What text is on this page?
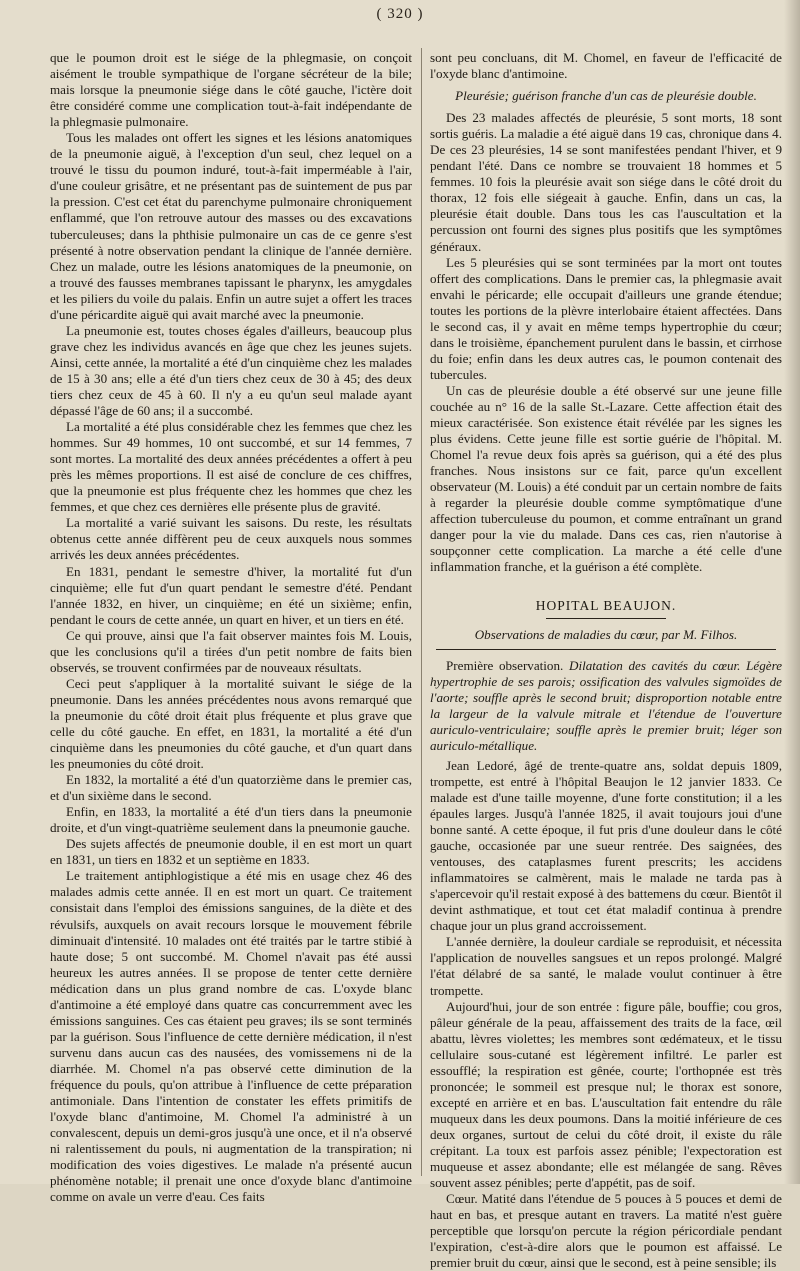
( 320 )

que le poumon droit est le siége de la phlegmasie, on conçoit aisément le trouble sympathique de l'organe sécréteur de la bile; mais lorsque la pneumonie siége dans le côté gauche, l'ictère doit être considéré comme une complication tout-à-fait indépendante de la phlegmasie pulmonaire.

Tous les malades ont offert les signes et les lésions anatomiques de la pneumonie aiguë, à l'exception d'un seul, chez lequel on a trouvé le tissu du poumon induré, tout-à-fait imperméable à l'air, d'une couleur grisâtre, et ne présentant pas de suintement de pus par la pression. C'est cet état du parenchyme pulmonaire chroniquement enflammé, que l'on retrouve autour des masses ou des excavations tuberculeuses; dans la phthisie pulmonaire un cas de ce genre s'est présenté à notre observation pendant la clinique de l'année dernière. Chez un malade, outre les lésions anatomiques de la pneumonie, on a trouvé des fausses membranes tapissant le pharynx, les amygdales et les piliers du voile du palais. Enfin un autre sujet a offert les traces d'une péricardite aiguë qui avait marché avec la pneumonie.

La pneumonie est, toutes choses égales d'ailleurs, beaucoup plus grave chez les individus avancés en âge que chez les jeunes sujets. Ainsi, cette année, la mortalité a été d'un cinquième chez les malades de 15 à 30 ans; elle a été d'un tiers chez ceux de 30 à 45; des deux tiers chez ceux de 45 à 60. Il n'y a eu qu'un seul malade ayant dépassé l'âge de 60 ans; il a succombé.

La mortalité a été plus considérable chez les femmes que chez les hommes. Sur 49 hommes, 10 ont succombé, et sur 14 femmes, 7 sont mortes. La mortalité des deux années précédentes a offert à peu près les mêmes proportions. Il est aisé de conclure de ces chiffres, que la pneumonie est plus fréquente chez les hommes que chez les femmes, et que chez ces dernières elle présente plus de gravité.

La mortalité a varié suivant les saisons. Du reste, les résultats obtenus cette année diffèrent peu de ceux auxquels nous sommes arrivés les deux années précédentes.

En 1831, pendant le semestre d'hiver, la mortalité fut d'un cinquième; elle fut d'un quart pendant le semestre d'été. Pendant l'année 1832, en hiver, un cinquième; en été un sixième; enfin, pendant le cours de cette année, un quart en hiver, et un tiers en été.

Ce qui prouve, ainsi que l'a fait observer maintes fois M. Louis, que les conclusions qu'il a tirées d'un petit nombre de faits bien observés, se trouvent confirmées par de nouveaux résultats.

Ceci peut s'appliquer à la mortalité suivant le siége de la pneumonie. Dans les années précédentes nous avons remarqué que la pneumonie du côté droit était plus fréquente et plus grave que celle du côté gauche. En effet, en 1831, la mortalité a été d'un cinquième dans les pneumonies du côté gauche, et d'un quart dans les pneumonies du côté droit.

En 1832, la mortalité a été d'un quatorzième dans le premier cas, et d'un sixième dans le second.

Enfin, en 1833, la mortalité a été d'un tiers dans la pneumonie droite, et d'un vingt-quatrième seulement dans la pneumonie gauche.

Des sujets affectés de pneumonie double, il en est mort un quart en 1831, un tiers en 1832 et un septième en 1833.

Le traitement antiphlogistique a été mis en usage chez 46 des malades admis cette année. Il en est mort un quart. Ce traitement consistait dans l'emploi des émissions sanguines, de la diète et des révulsifs, auxquels on avait recours lorsque le mouvement fébrile diminuait d'intensité. 10 malades ont été traités par le tartre stibié à haute dose; 5 ont succombé. M. Chomel n'avait pas été aussi heureux les autres années. Il se propose de tenter cette dernière médication dans un plus grand nombre de cas. L'oxyde blanc d'antimoine a été employé dans quatre cas concurremment avec les émissions sanguines. Ces cas étaient peu graves; ils se sont terminés par la guérison. Sous l'influence de cette dernière médication, il n'est survenu dans aucun cas des nausées, des vomissemens ni de la diarrhée. M. Chomel n'a pas observé cette diminution de la fréquence du pouls, qu'on attribue à l'influence de cette préparation antimoniale. Dans l'intention de constater les effets primitifs de l'oxyde blanc d'antimoine, M. Chomel l'a administré à un convalescent, depuis un demi-gros jusqu'à une once, et il n'a observé ni ralentissement du pouls, ni augmentation de la transpiration; ni modification des voies digestives. Le malade n'a présenté aucun phénomène notable; il prenait une once d'oxyde blanc d'antimoine comme on avale un verre d'eau. Ces faits

sont peu concluans, dit M. Chomel, en faveur de l'efficacité de l'oxyde blanc d'antimoine.

Pleurésie; guérison franche d'un cas de pleurésie double.

Des 23 malades affectés de pleurésie, 5 sont morts, 18 sont sortis guéris. La maladie a été aiguë dans 19 cas, chronique dans 4. De ces 23 pleurésies, 14 se sont manifestées pendant l'hiver, et 9 pendant l'été. Dans ce nombre se trouvaient 18 hommes et 5 femmes. 10 fois la pleurésie avait son siége dans le côté droit du thorax, 12 fois elle siégeait à gauche. Enfin, dans un cas, la pleurésie était double. Dans tous les cas l'auscultation et la percussion ont fourni des signes plus positifs que les symptômes généraux.

Les 5 pleurésies qui se sont terminées par la mort ont toutes offert des complications. Dans le premier cas, la phlegmasie avait envahi le péricarde; elle occupait d'ailleurs une grande étendue; toutes les portions de la plèvre interlobaire étaient affectées. Dans le second cas, il y avait en même temps hypertrophie du cœur; dans le troisième, épanchement purulent dans le bassin, et cirrhose du foie; enfin dans les deux autres cas, le poumon contenait des tubercules.

Un cas de pleurésie double a été observé sur une jeune fille couchée au n° 16 de la salle St.-Lazare. Cette affection était des mieux caractérisée. Son existence était révélée par les signes les plus évidens. Cette jeune fille est sortie guérie de l'hôpital. M. Chomel l'a revue deux fois après sa guérison, qui a été des plus franches. Nous insistons sur ce fait, parce qu'un excellent observateur (M. Louis) a été conduit par un certain nombre de faits à regarder la pleurésie double comme symptômatique d'une affection tuberculeuse du poumon, et comme entraînant un grand danger pour la vie du malade. Dans ces cas, rien n'autorise à soupçonner cette complication. La marche a été celle d'une inflammation franche, et la guérison a été complète.

HOPITAL BEAUJON.

Observations de maladies du cœur, par M. Filhos.

Première observation. Dilatation des cavités du cœur. Légère hypertrophie de ses parois; ossification des valvules sigmoïdes de l'aorte; souffle après le second bruit; disproportion notable entre la largeur de la valvule mitrale et l'étendue de l'ouverture auriculo-ventriculaire; souffle après le premier bruit; léger son auriculo-métallique.

Jean Ledoré, âgé de trente-quatre ans, soldat depuis 1809, trompette, est entré à l'hôpital Beaujon le 12 janvier 1833. Ce malade est d'une taille moyenne, d'une forte constitution; il a les épaules larges. Jusqu'à l'année 1825, il avait toujours joui d'une bonne santé. A cette époque, il fut pris d'une douleur dans le côté gauche, occasionée par une sueur rentrée. Des saignées, des ventouses, des cataplasmes furent prescrits; les accidens inflammatoires se calmèrent, mais le malade ne tarda pas à s'apercevoir qu'il restait exposé à des battemens du cœur. Bientôt il devint asthmatique, et tout cet état maladif continua à prendre chaque jour un plus grand accroissement.

L'année dernière, la douleur cardiale se reproduisit, et nécessita l'application de nouvelles sangsues et un repos prolongé. Malgré l'état délabré de sa santé, le malade voulut continuer à être trompette.

Aujourd'hui, jour de son entrée : figure pâle, bouffie; cou gros, pâleur générale de la peau, affaissement des traits de la face, œil abattu, lèvres violettes; les membres sont œdémateux, et le tissu cellulaire sous-cutané est légèrement infiltré. Le parler est essoufflé; la respiration est gênée, courte; l'orthopnée est très prononcée; le sommeil est presque nul; le thorax est sonore, excepté en arrière et en bas. L'auscultation fait entendre du râle muqueux dans les deux poumons. Dans la moitié inférieure de ces deux organes, surtout de celui du côté droit, il existe du râle crépitant. La toux est parfois assez pénible; l'expectoration est muqueuse et assez abondante; elle est mélangée de sang. Rêves souvent assez pénibles; perte d'appétit, pas de soif.

Cœur. Matité dans l'étendue de 5 pouces à 5 pouces et demi de haut en bas, et presque autant en travers. La matité n'est guère perceptible que lorsqu'on percute la région péricordiale pendant l'expiration, c'est-à-dire alors que le poumon est affaissé. Le premier bruit du cœur, ainsi que le second, est à peine sensible; ils
